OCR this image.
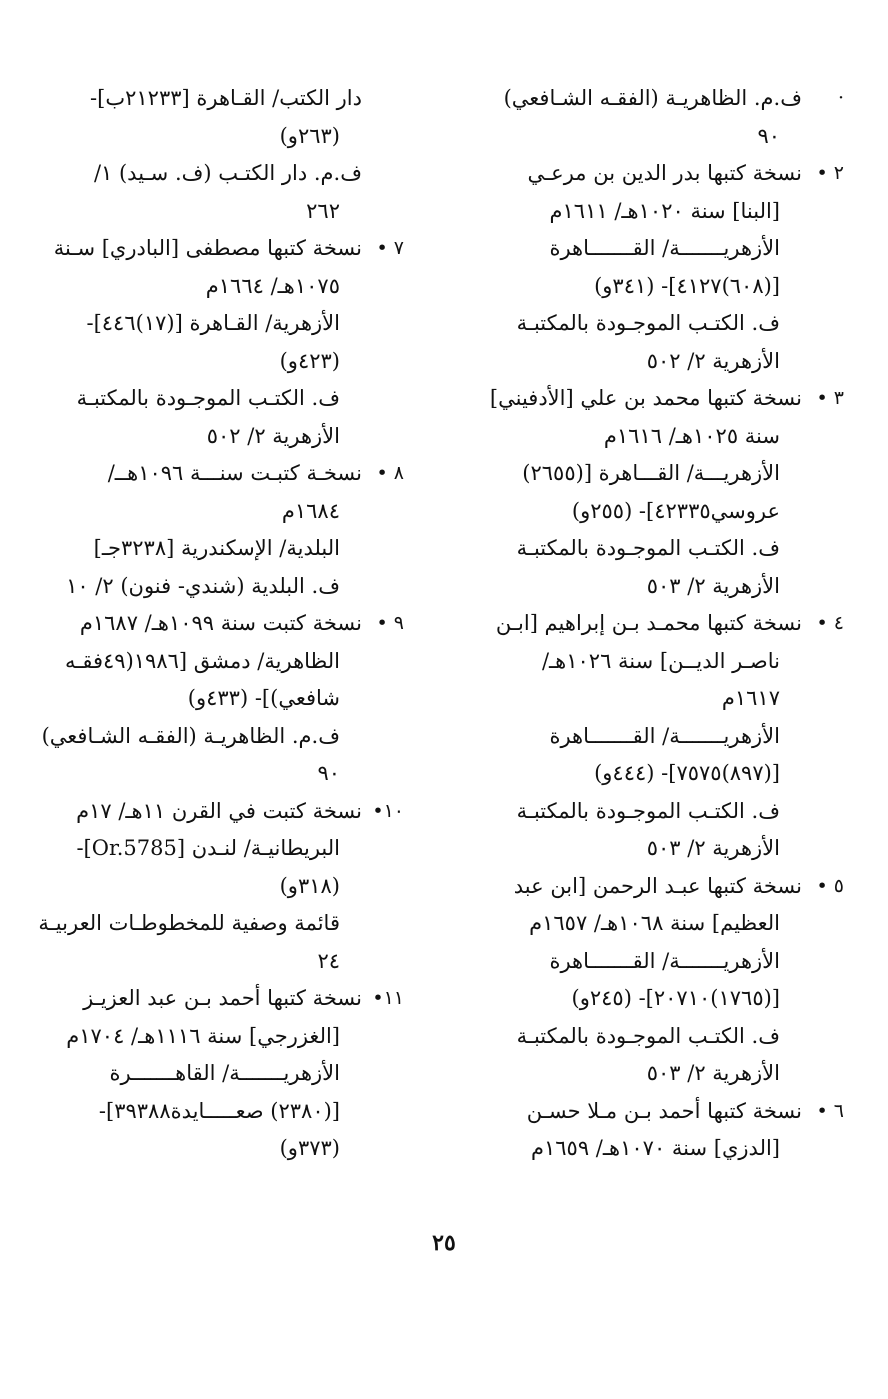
·
ف.م. الظاهريـة (الفقـه الشـافعي)
٩٠
٢ •
نسخة كتبها بدر الدين بن مرعـي
[البنا] سنة ١٠٢٠هـ/ ١٦١١م
الأزهريـــــــة/ القـــــــاهرة
[(٦٠٨)٤١٢٧]- (٣٤١و)
ف. الكتـب الموجـودة بالمكتبـة
الأزهرية ٢/ ٥٠٢
٣ •
نسخة كتبها محمد بن علي [الأدفيني]
سنة ١٠٢٥هـ/ ١٦١٦م
الأزهريـــة/ القـــاهرة [(٢٦٥٥)
عروسي٤٢٣٣٥]- (٢٥٥و)
ف. الكتـب الموجـودة بالمكتبـة
الأزهرية ٢/ ٥٠٣
٤ •
نسخة كتبها محمـد بـن إبراهيم [ابـن
ناصـر الديــن] سنة ١٠٢٦هـ/
١٦١٧م
الأزهريـــــــة/ القـــــــاهرة
[(٨٩٧)٧٥٧٥]- (٤٤٤و)
ف. الكتـب الموجـودة بالمكتبـة
الأزهرية ٢/ ٥٠٣
٥ •
نسخة كتبها عبـد الرحمن [ابن عبد
العظيم] سنة ١٠٦٨هـ/ ١٦٥٧م
الأزهريـــــــة/ القـــــــاهرة
[(١٧٦٥)٢٠٧١٠]- (٢٤٥و)
ف. الكتـب الموجـودة بالمكتبـة
الأزهرية ٢/ ٥٠٣
٦ •
نسخة كتبها أحمد بـن مـلا حسـن
[الدزي] سنة ١٠٧٠هـ/ ١٦٥٩م
دار الكتب/ القـاهرة [٢١٢٣٣ب]-
(٢٦٣و)
ف.م. دار الكتـب (ف. سـيد) ١/
٢٦٢
٧ •
نسخة كتبها مصطفى [البادري] سـنة
١٠٧٥هـ/ ١٦٦٤م
الأزهرية/ القـاهرة [(١٧)٤٤٦]-
(٤٢٣و)
ف. الكتـب الموجـودة بالمكتبـة
الأزهرية ٢/ ٥٠٢
٨ •
نسخـة كتبـت سنـــة ١٠٩٦هــ/
١٦٨٤م
البلدية/ الإسكندرية [٣٢٣٨جـ]
ف. البلدية (شندي- فنون) ٢/ ١٠
٩ •
نسخة كتبت سنة ١٠٩٩هـ/ ١٦٨٧م
الظاهرية/ دمشق [١٩٨٦(٤٩فقـه
شافعي)]- (٤٣٣و)
ف.م. الظاهريـة (الفقـه الشـافعي)
٩٠
١٠•
نسخة كتبت في القرن ١١هـ/ ١٧م
البريطانيـة/ لنـدن [Or.5785]-
(٣١٨و)
قائمة وصفية للمخطوطـات العربيـة
٢٤
١١•
نسخة كتبها أحمد بـن عبد العزيـز
[الغزرجي] سنة ١١١٦هـ/ ١٧٠٤م
الأزهريـــــــة/ القاهـــــــرة
[(٢٣٨٠) صعـــــايدة٣٩٣٨٨]-
(٣٧٣و)
٢٥
